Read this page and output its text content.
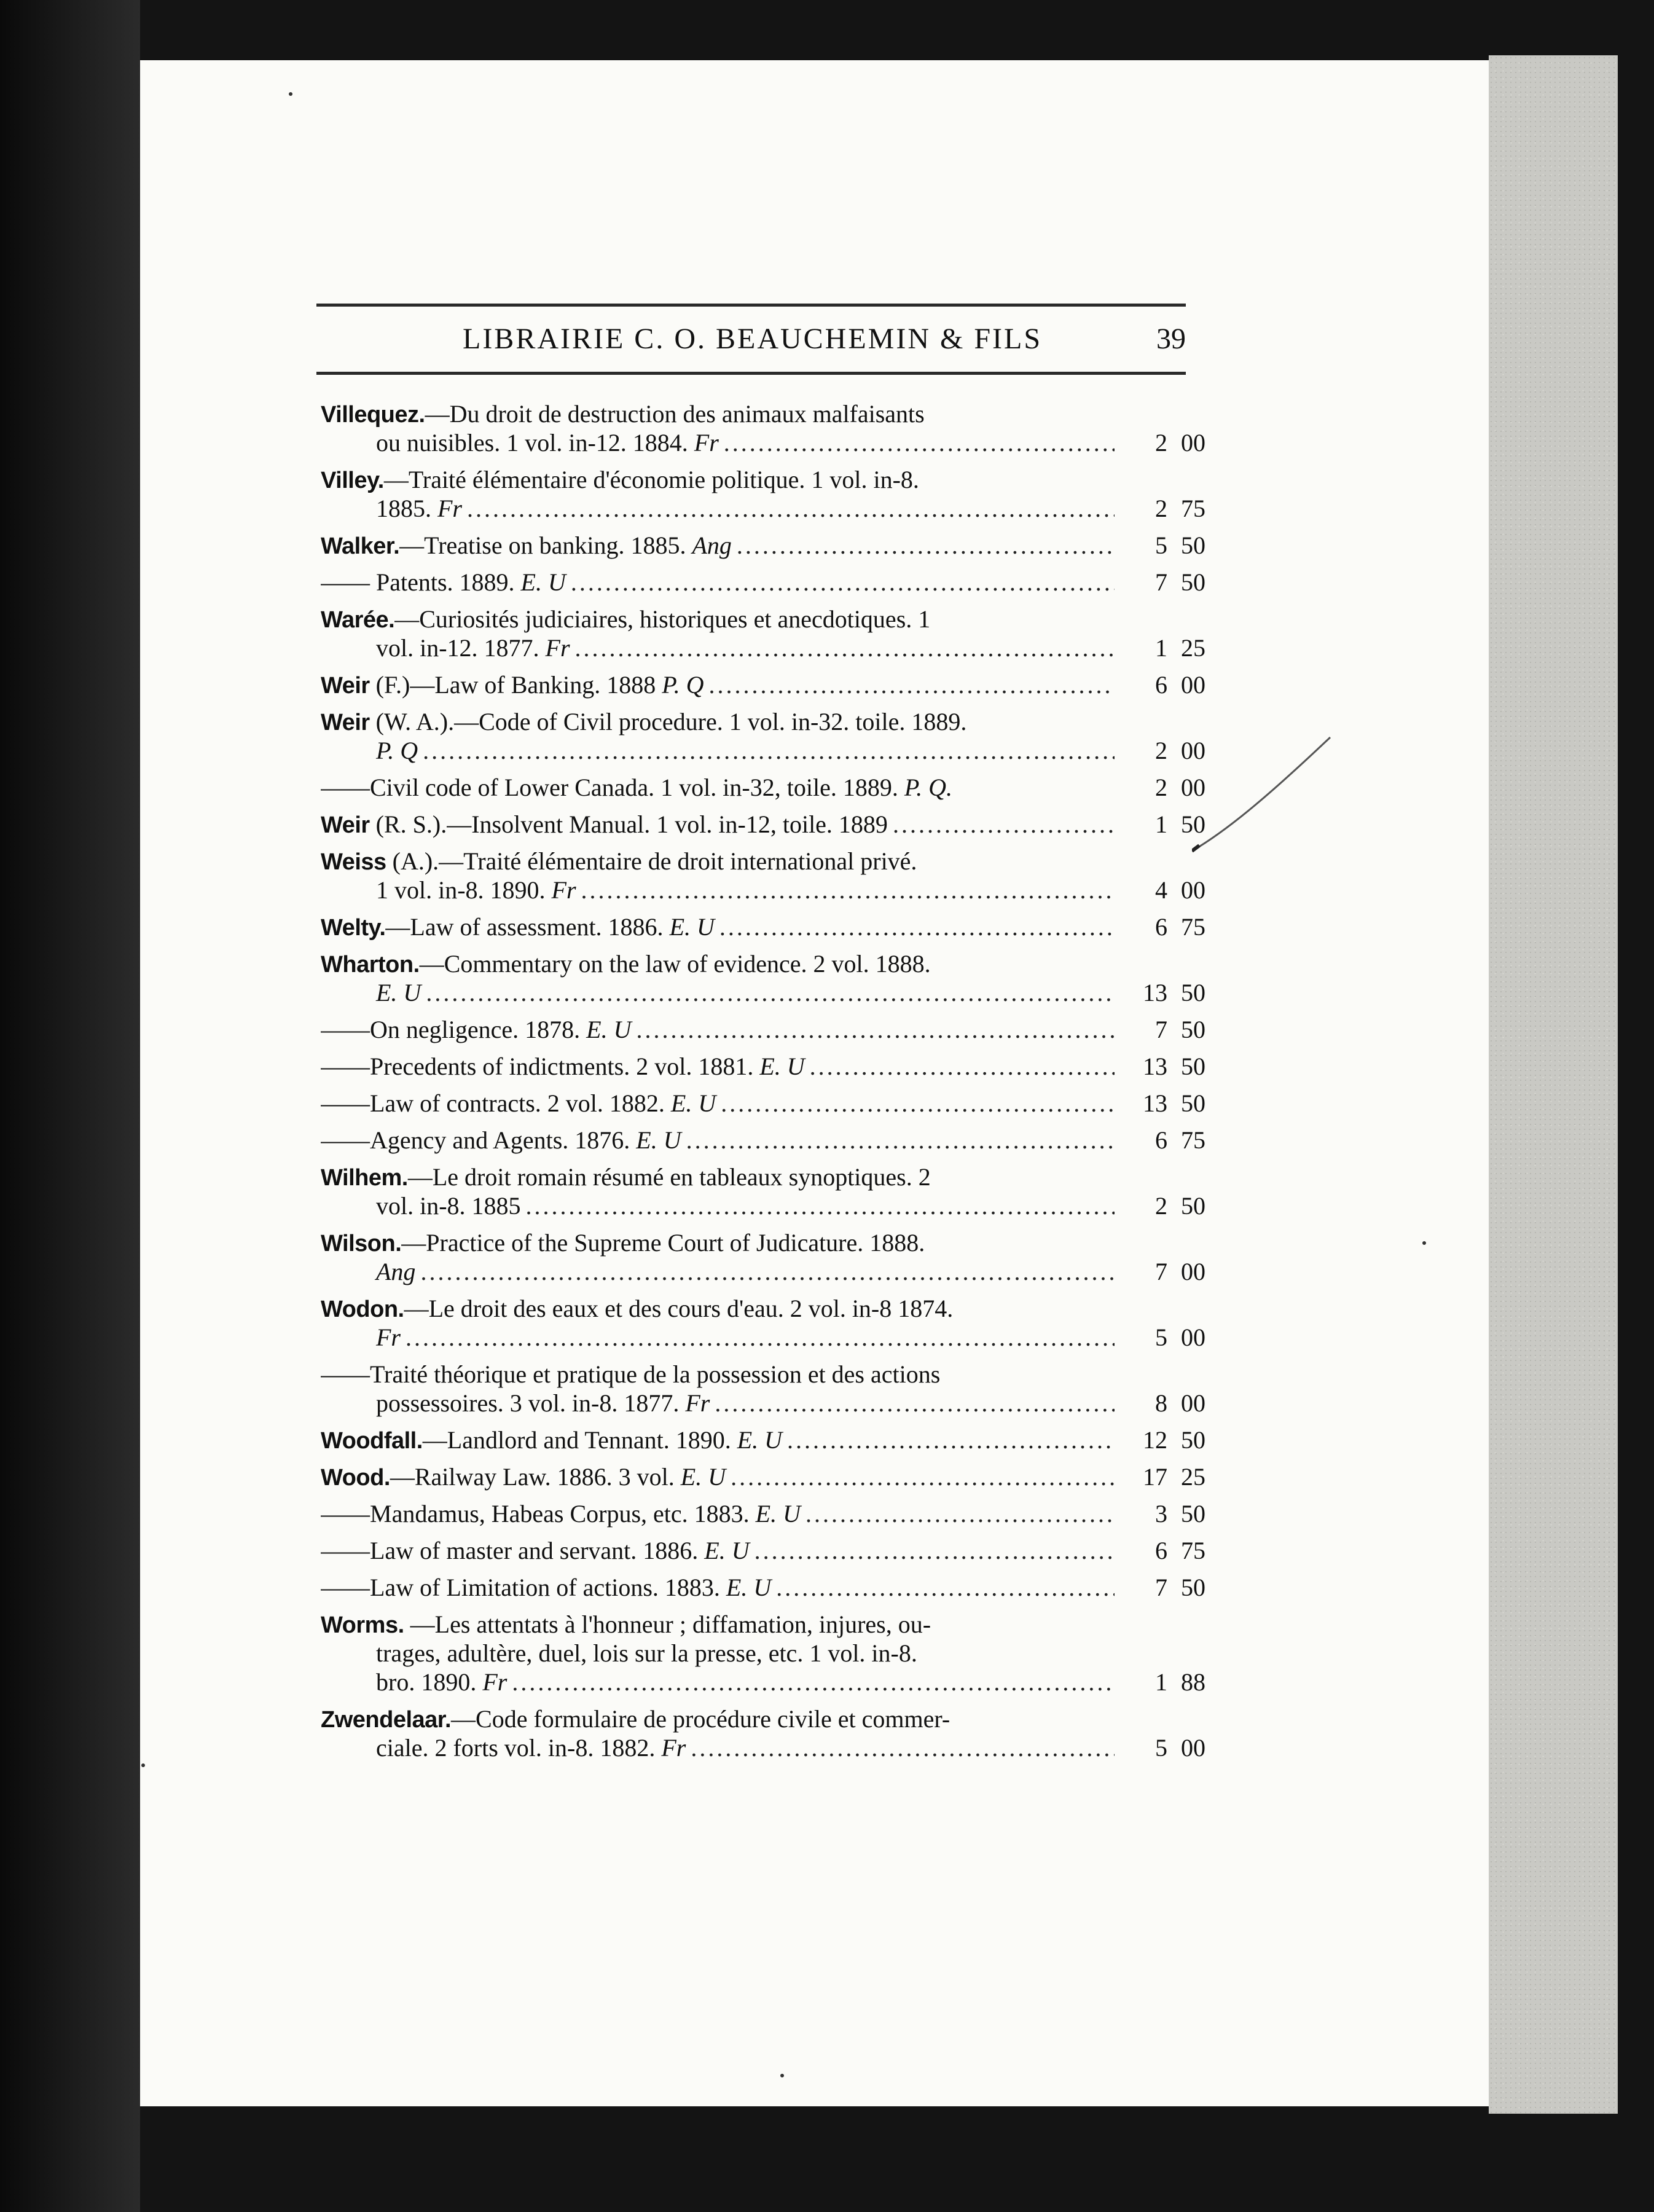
LIBRAIRIE C. O. BEAUCHEMIN & FILS	39
Villequez.—Du droit de destruction des animaux malfaisants
ou nuisibles. 1 vol. in-12. 1884. Fr .....	2 00
Villey.—Traité élémentaire d'économie politique. 1 vol. in-8.
1885. Fr .....	2 75
Walker.—Treatise on banking. 1885. Ang .....	5 50
—— Patents. 1889. E. U .....	7 50
Warée.—Curiosités judiciaires, historiques et anecdotiques. 1
vol. in-12. 1877. Fr .....	1 25
Weir (F.)—Law of Banking. 1888 P. Q .....	6 00
Weir (W. A.).—Code of Civil procedure. 1 vol. in-32. toile. 1889.
P. Q .....	2 00
——Civil code of Lower Canada. 1 vol. in-32, toile. 1889. P. Q.	2 00
Weir (R. S.).—Insolvent Manual. 1 vol. in-12, toile. 1889 .....	1 50
Weiss (A.).—Traité élémentaire de droit international privé.
1 vol. in-8. 1890. Fr .....	4 00
Welty.—Law of assessment. 1886. E. U .....	6 75
Wharton.—Commentary on the law of evidence. 2 vol. 1888.
E. U .....	13 50
——On negligence. 1878. E. U .....	7 50
——Precedents of indictments. 2 vol. 1881. E. U .....	13 50
——Law of contracts. 2 vol. 1882. E. U .....	13 50
——Agency and Agents. 1876. E. U .....	6 75
Wilhem.—Le droit romain résumé en tableaux synoptiques. 2
vol. in-8. 1885 .....	2 50
Wilson.—Practice of the Supreme Court of Judicature. 1888.
Ang .....	7 00
Wodon.—Le droit des eaux et des cours d'eau. 2 vol. in-8 1874.
Fr .....	5 00
——Traité théorique et pratique de la possession et des actions
possessoires. 3 vol. in-8. 1877. Fr .....	8 00
Woodfall.—Landlord and Tennant. 1890. E. U .....	12 50
Wood.—Railway Law. 1886. 3 vol. E. U .....	17 25
——Mandamus, Habeas Corpus, etc. 1883. E. U .....	3 50
——Law of master and servant. 1886. E. U .....	6 75
——Law of Limitation of actions. 1883. E. U .....	7 50
Worms. —Les attentats à l'honneur ; diffamation, injures, ou-
trages, adultère, duel, lois sur la presse, etc. 1 vol. in-8.
bro. 1890. Fr .....	1 88
Zwendelaar.—Code formulaire de procédure civile et commer-
ciale. 2 forts vol. in-8. 1882. Fr .....	5 00
